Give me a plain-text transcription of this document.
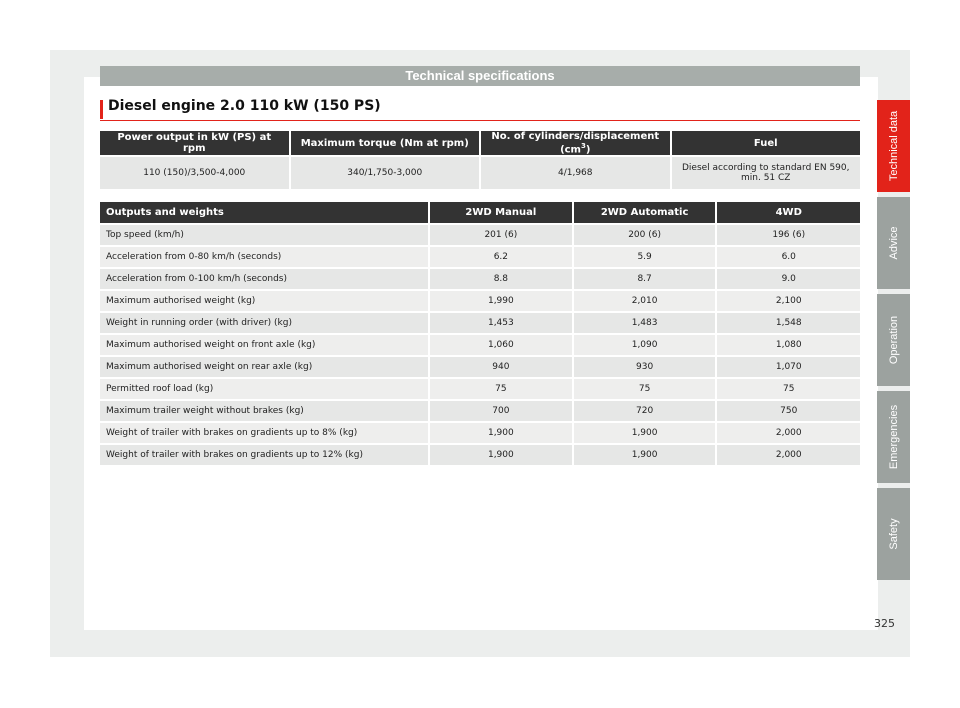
Technical specifications
Diesel engine 2.0 110 kW (150 PS)
Power output in kW (PS) at rpm	Maximum torque (Nm at rpm)	No. of cylinders/displacement $(cm^3)$	Fuel
110 (150)/3,500-4,000	340/1,750-3,000	4/1,968	Diesel according to standard EN 590, min. 51 CZ
Outputs and weights	2WD Manual	2WD Automatic	4WD
Top speed (km/h)	201 (6)	200 (6)	196 (6)
Acceleration from 0-80 km/h (seconds)	6.2	5.9	6.0
Acceleration from 0-100 km/h (seconds)	8.8	8.7	9.0
Maximum authorised weight (kg)	1,990	2,010	2,100
Weight in running order (with driver) (kg)	1,453	1,483	1,548
Maximum authorised weight on front axle (kg)	1,060	1,090	1,080
Maximum authorised weight on rear axle (kg)	940	930	1,070
Permitted roof load (kg)	75	75	75
Maximum trailer weight without brakes (kg)	700	720	750
Weight of trailer with brakes on gradients up to 8% (kg)	1,900	1,900	2,000
Weight of trailer with brakes on gradients up to 12% (kg)	1,900	1,900	2,000
Technical data
Advice
Operation
Emergencies
Safety
325
